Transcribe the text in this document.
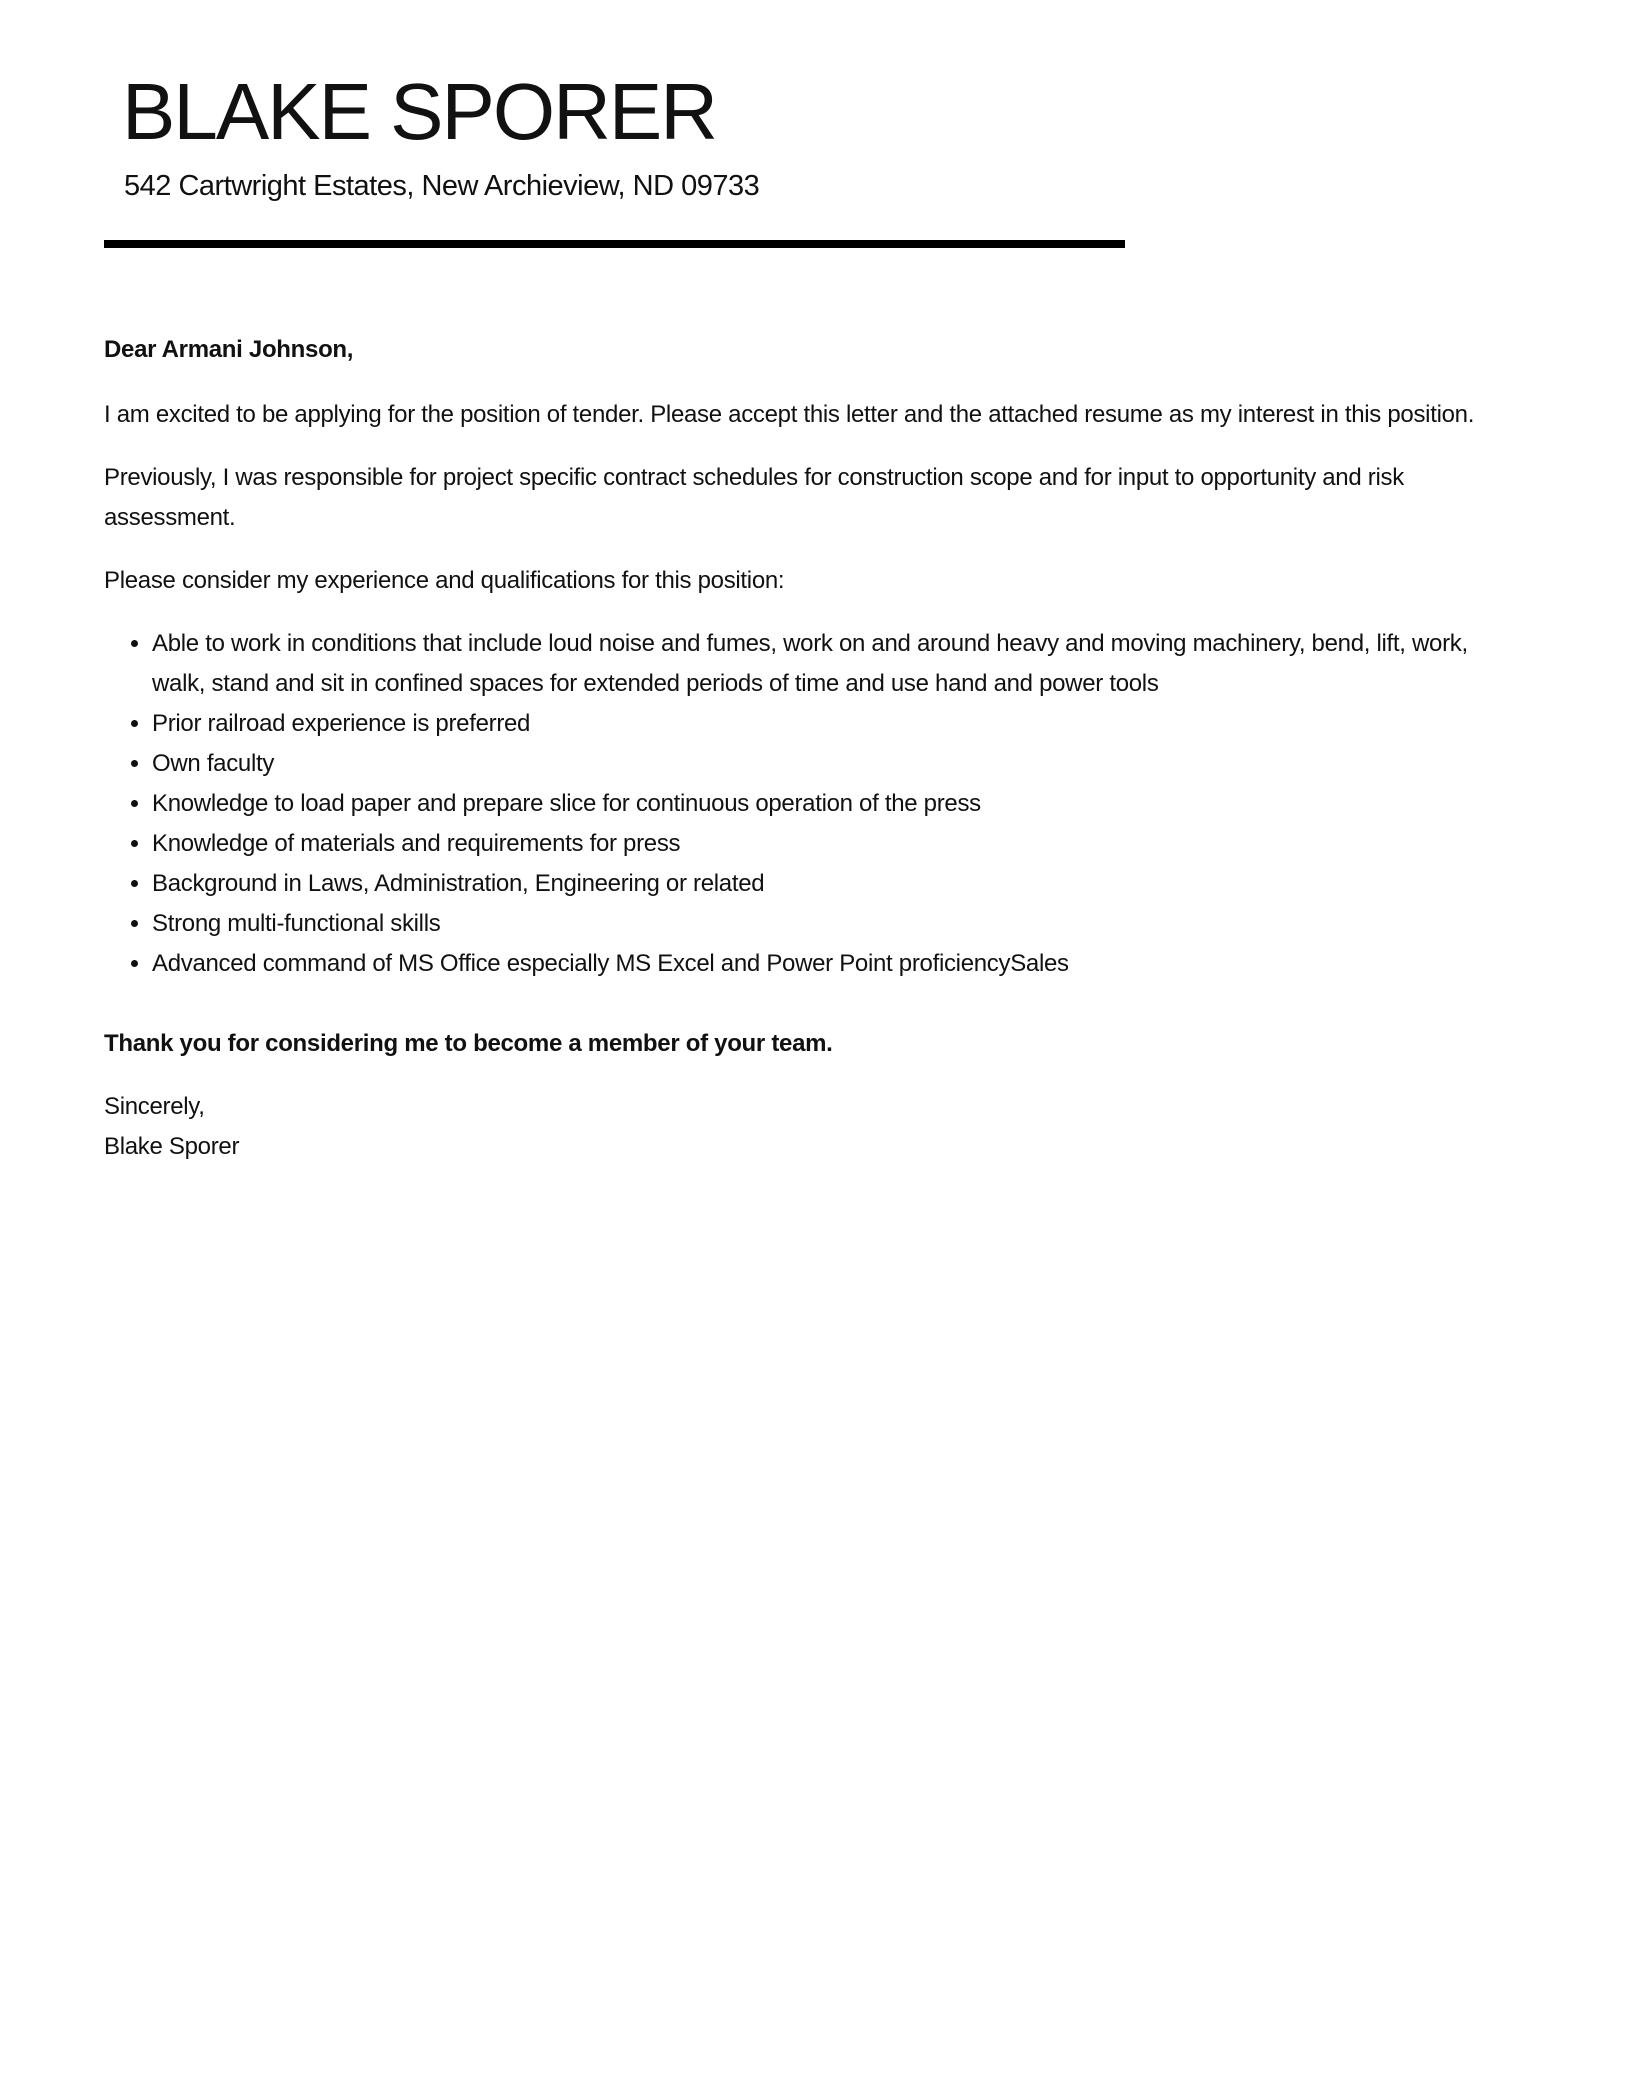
BLAKE SPORER
542 Cartwright Estates, New Archieview, ND 09733

Dear Armani Johnson,

I am excited to be applying for the position of tender. Please accept this letter and the attached resume as my interest in this position.

Previously, I was responsible for project specific contract schedules for construction scope and for input to opportunity and risk assessment.

Please consider my experience and qualifications for this position:

• Able to work in conditions that include loud noise and fumes, work on and around heavy and moving machinery, bend, lift, work, walk, stand and sit in confined spaces for extended periods of time and use hand and power tools
• Prior railroad experience is preferred
• Own faculty
• Knowledge to load paper and prepare slice for continuous operation of the press
• Knowledge of materials and requirements for press
• Background in Laws, Administration, Engineering or related
• Strong multi-functional skills
• Advanced command of MS Office especially MS Excel and Power Point proficiencySales

Thank you for considering me to become a member of your team.

Sincerely,
Blake Sporer
